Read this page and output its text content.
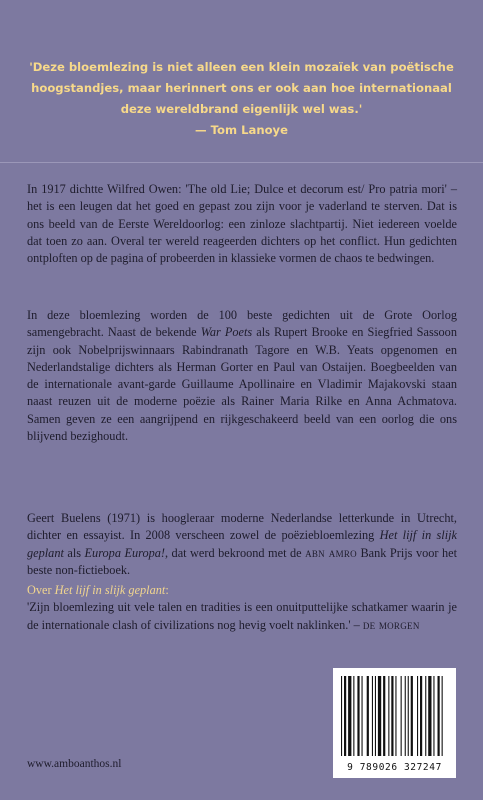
'Deze bloemlezing is niet alleen een klein mozaïek van poëtische hoogstandjes, maar herinnert ons er ook aan hoe internationaal deze wereldbrand eigenlijk wel was.'
— Tom Lanoye

In 1917 dichtte Wilfred Owen: 'The old Lie; Dulce et decorum est/ Pro patria mori' – het is een leugen dat het goed en gepast zou zijn voor je vaderland te sterven. Dat is ons beeld van de Eerste Wereldoorlog: een zinloze slachtpartij. Niet iedereen voelde dat toen zo aan. Overal ter wereld reageerden dichters op het conflict. Hun gedichten ontploften op de pagina of probeerden in klassieke vormen de chaos te bedwingen.

In deze bloemlezing worden de 100 beste gedichten uit de Grote Oorlog samengebracht. Naast de bekende War Poets als Rupert Brooke en Siegfried Sassoon zijn ook Nobelprijswinnaars Rabindranath Tagore en W.B. Yeats opgenomen en Nederlandstalige dichters als Herman Gorter en Paul van Ostaijen. Boegbeelden van de internationale avant-garde Guillaume Apollinaire en Vladimir Majakovski staan naast reuzen uit de moderne poëzie als Rainer Maria Rilke en Anna Achmatova. Samen geven ze een aangrijpend en rijkgeschakeerd beeld van een oorlog die ons blijvend bezighoudt.

Geert Buelens (1971) is hoogleraar moderne Nederlandse letterkunde in Utrecht, dichter en essayist. In 2008 verscheen zowel de poëziebloemlezing Het lijf in slijk geplant als Europa Europa!, dat werd bekroond met de abn amro Bank Prijs voor het beste non-fictieboek.

Over Het lijf in slijk geplant:

'Zijn bloemlezing uit vele talen en tradities is een onuitputtelijke schatkamer waarin je de internationale clash of civilizations nog hevig voelt naklinken.' – de morgen

www.amboanthos.nl	9 789026 327247
